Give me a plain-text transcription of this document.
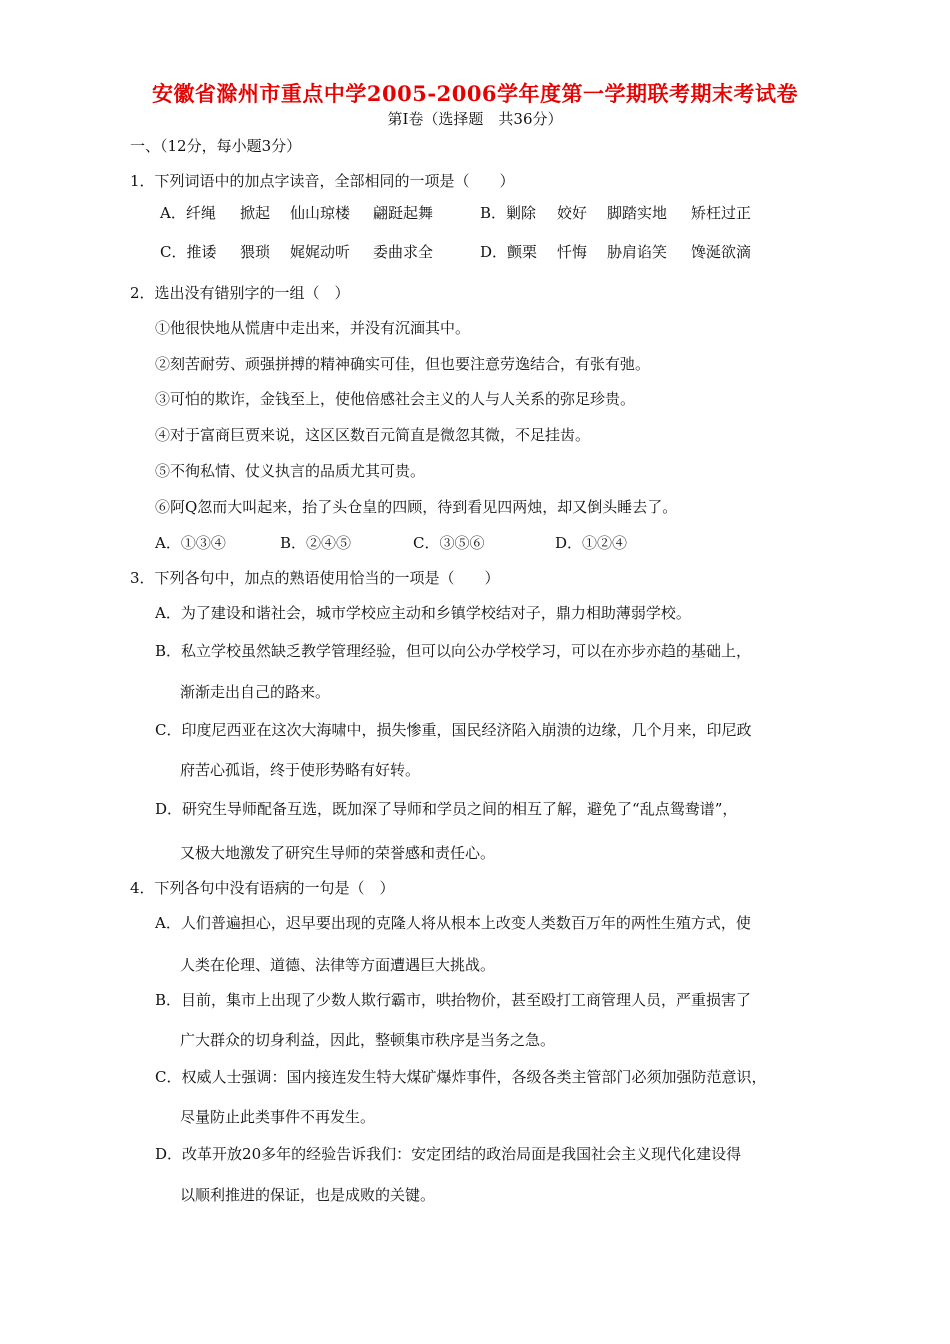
安徽省滁州市重点中学2005-2006学年度第一学期联考期末考试卷
第Ⅰ卷（选择题　共36分）
一、（12分，每小题3分）
1．下列词语中的加点字读音，全部相同的一项是（　　）
A．纤绳 掀起 仙山琼楼 翩跹起舞	B．剿除 姣好 脚踏实地 矫枉过正
C．推诿 猥琐 娓娓动听 委曲求全	D．颤栗 忏悔 胁肩谄笑 馋涎欲滴
2．选出没有错别字的一组（　）
①他很快地从慌唐中走出来，并没有沉湎其中。
②刻苦耐劳、顽强拼搏的精神确实可佳，但也要注意劳逸结合，有张有弛。
③可怕的欺诈，金钱至上，使他倍感社会主义的人与人关系的弥足珍贵。
④对于富商巨贾来说，这区区数百元简直是微忽其微，不足挂齿。
⑤不徇私情、仗义执言的品质尤其可贵。
⑥阿Q忽而大叫起来，抬了头仓皇的四顾，待到看见四两烛，却又倒头睡去了。
A．①③④	B．②④⑤	C．③⑤⑥	D．①②④
3．下列各句中，加点的熟语使用恰当的一项是（　　）
A．为了建设和谐社会，城市学校应主动和乡镇学校结对子，鼎力相助薄弱学校。
B．私立学校虽然缺乏教学管理经验，但可以向公办学校学习，可以在亦步亦趋的基础上，
渐渐走出自己的路来。
C．印度尼西亚在这次大海啸中，损失惨重，国民经济陷入崩溃的边缘，几个月来，印尼政
府苦心孤诣，终于使形势略有好转。
D．研究生导师配备互选，既加深了导师和学员之间的相互了解，避免了“乱点鸳鸯谱”，
又极大地激发了研究生导师的荣誉感和责任心。
4．下列各句中没有语病的一句是（　）
A．人们普遍担心，迟早要出现的克隆人将从根本上改变人类数百万年的两性生殖方式，使
人类在伦理、道德、法律等方面遭遇巨大挑战。
B．目前，集市上出现了少数人欺行霸市，哄抬物价，甚至殴打工商管理人员，严重损害了
广大群众的切身利益，因此，整顿集市秩序是当务之急。
C．权威人士强调：国内接连发生特大煤矿爆炸事件，各级各类主管部门必须加强防范意识，
尽量防止此类事件不再发生。
D．改革开放20多年的经验告诉我们：安定团结的政治局面是我国社会主义现代化建设得
以顺利推进的保证，也是成败的关键。
